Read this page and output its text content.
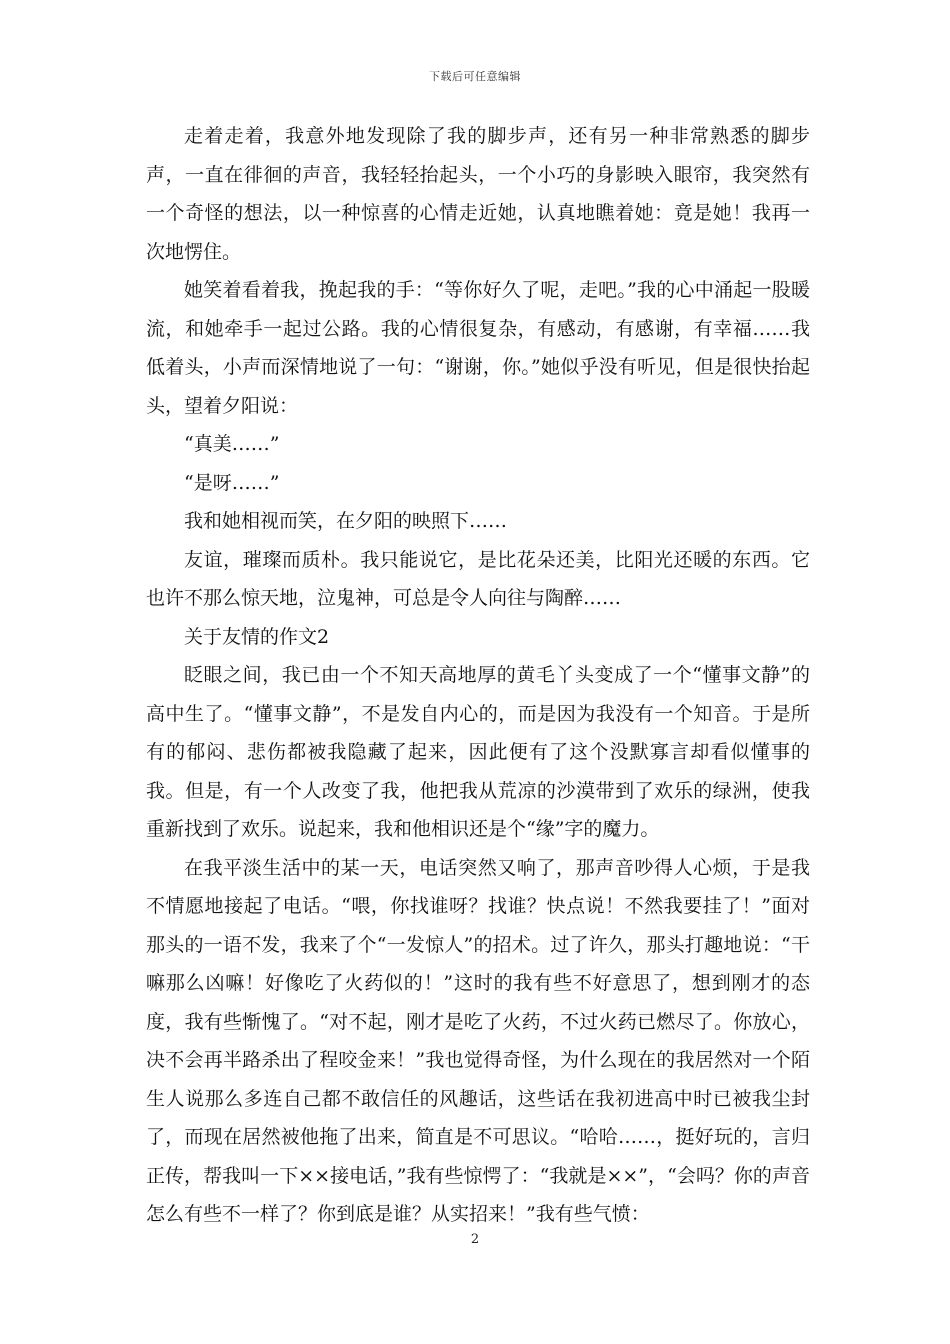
下载后可任意编辑

走着走着，我意外地发现除了我的脚步声，还有另一种非常熟悉的脚步声，一直在徘徊的声音，我轻轻抬起头，一个小巧的身影映入眼帘，我突然有一个奇怪的想法，以一种惊喜的心情走近她，认真地瞧着她：竟是她！我再一次地愣住。

她笑着看着我，挽起我的手：“等你好久了呢，走吧。”我的心中涌起一股暖流，和她牵手一起过公路。我的心情很复杂，有感动，有感谢，有幸福……我低着头，小声而深情地说了一句：“谢谢，你。”她似乎没有听见，但是很快抬起头，望着夕阳说：

“真美……”

“是呀……”

我和她相视而笑，在夕阳的映照下……

友谊，璀璨而质朴。我只能说它，是比花朵还美，比阳光还暖的东西。它也许不那么惊天地，泣鬼神，可总是令人向往与陶醉……

关于友情的作文2

眨眼之间，我已由一个不知天高地厚的黄毛丫头变成了一个“懂事文静”的高中生了。“懂事文静”，不是发自内心的，而是因为我没有一个知音。于是所有的郁闷、悲伤都被我隐藏了起来，因此便有了这个没默寡言却看似懂事的我。但是，有一个人改变了我，他把我从荒凉的沙漠带到了欢乐的绿洲，使我重新找到了欢乐。说起来，我和他相识还是个“缘”字的魔力。

在我平淡生活中的某一天，电话突然又响了，那声音吵得人心烦，于是我不情愿地接起了电话。“喂，你找谁呀？找谁？快点说！不然我要挂了！”面对那头的一语不发，我来了个“一发惊人”的招术。过了许久，那头打趣地说：“干嘛那么凶嘛！好像吃了火药似的！”这时的我有些不好意思了，想到刚才的态度，我有些惭愧了。“对不起，刚才是吃了火药，不过火药已燃尽了。你放心，决不会再半路杀出了程咬金来！”我也觉得奇怪，为什么现在的我居然对一个陌生人说那么多连自己都不敢信任的风趣话，这些话在我初进高中时已被我尘封了，而现在居然被他拖了出来，简直是不可思议。“哈哈……，挺好玩的，言归正传，帮我叫一下××接电话，”我有些惊愕了：“我就是××”，“会吗？你的声音怎么有些不一样了？你到底是谁？从实招来！”我有些气愤：

2
